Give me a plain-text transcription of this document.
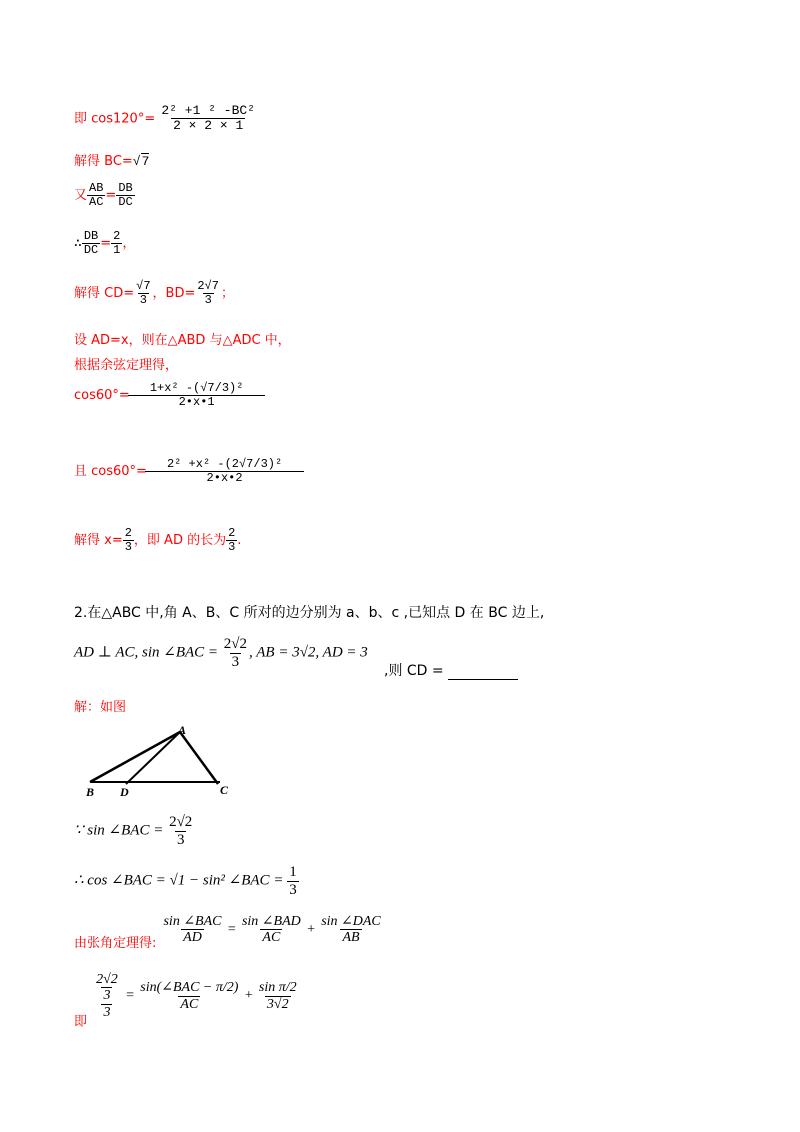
即 $\cos 120^\circ= \frac{\text{2² +1 ² -BC²}}{2 \times 2 \times 1}$
解得 BC=√7
又 $\frac{AB}{AC} = \frac{DB}{DC}$
∴ $\frac{DB}{DC} = \frac{2}{1}$ ，
解得 $CD= \frac{√7}{3}$ ，$BD= \frac{2√7}{3}$ ；
设 AD=x，则在△ABD 与△ADC 中，
根据余弦定理得，
$\cos 60^\circ= \frac{\text{1+x² -(√7/3)²}}{2•x•1}$
且 $\cos 60^\circ= \frac{\text{2² +x² -(2√7/3)²}}{2•x•2}$
解得 $x= \frac{2}{3}$ ，即 AD 的长为 $\frac{2}{3}$ .
2.在△ABC 中,角 A、B、C 所对的边分别为 a、b、c ,已知点 D 在 BC 边上,
AD ⊥ AC, sin ∠BAC = $\frac{2√2}{3}$ , AB = 3√2, AD = 3
,则 CD =
解：如图
A
B D	C
∵ sin ∠BAC = $\frac{2√2}{3}$
∴ cos ∠BAC = √1 − sin² ∠BAC = $\frac{1}{3}$
$_{由张角定理得:} \frac{\text{sin ∠BAC}}{AD} = \frac{\text{sin ∠BAD}}{AC} + \frac{\text{sin ∠DAC}}{AB}$
$_即$
$\frac{\frac{2√2}{3}}{3} = \frac{\text{sin(∠BAC − π/2)}}{AC} + \frac{\text{sin π/2}}{3√2}$
